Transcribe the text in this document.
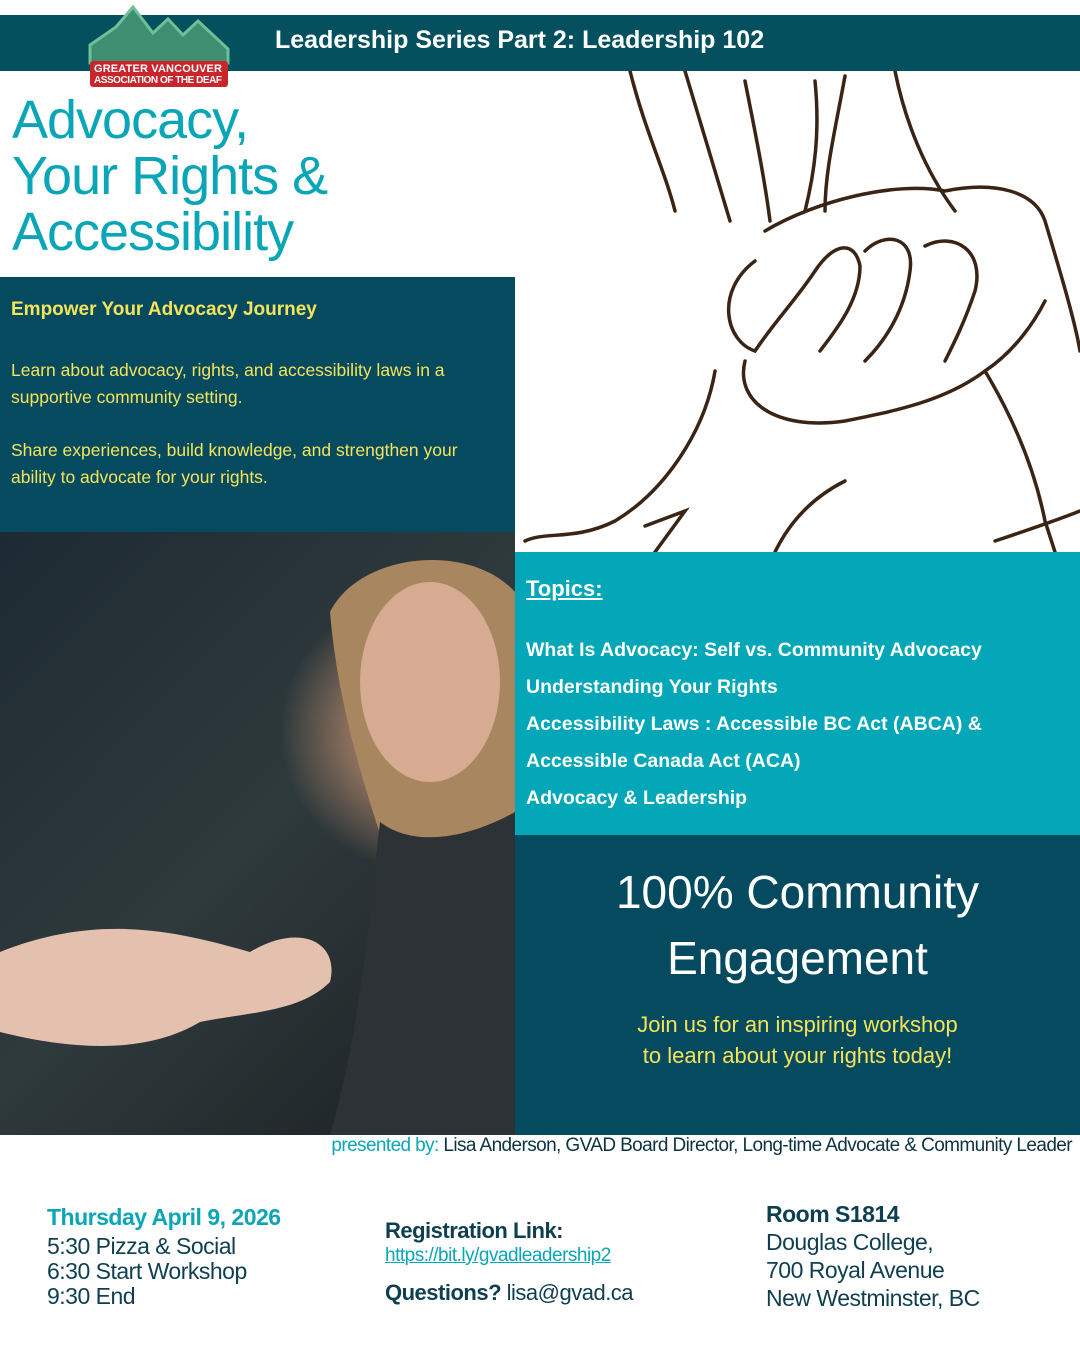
Leadership Series Part 2: Leadership 102
GREATER VANCOUVER
ASSOCIATION OF THE DEAF
Advocacy,
Your Rights &
Accessibility
Empower Your Advocacy Journey

Learn about advocacy, rights, and accessibility laws in a supportive community setting.

Share experiences, build knowledge, and strengthen your ability to advocate for your rights.

Topics:
What Is Advocacy: Self vs. Community Advocacy
Understanding Your Rights
Accessibility Laws : Accessible BC Act (ABCA) &
Accessible Canada Act (ACA)
Advocacy & Leadership
100% Community
Engagement

Join us for an inspiring workshop
to learn about your rights today!

presented by: Lisa Anderson, GVAD Board Director, Long-time Advocate & Community Leader
Thursday April 9, 2026
5:30 Pizza & Social
6:30 Start Workshop
9:30 End
Registration Link:
https://bit.ly/gvadleadership2
Questions? lisa@gvad.ca
Room S1814
Douglas College,
700 Royal Avenue
New Westminster, BC
